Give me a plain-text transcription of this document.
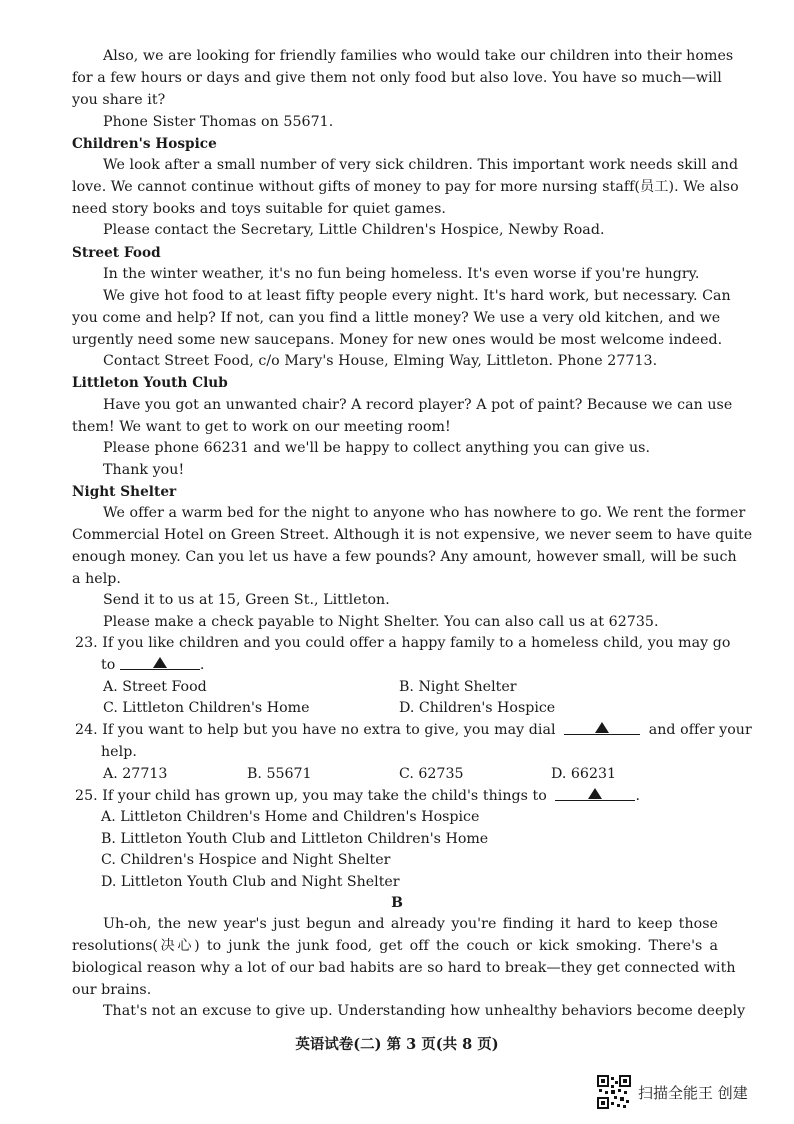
Also, we are looking for friendly families who would take our children into their homes
for a few hours or days and give them not only food but also love. You have so much—will
you share it?
Phone Sister Thomas on 55671.
Children's Hospice
We look after a small number of very sick children. This important work needs skill and
love. We cannot continue without gifts of money to pay for more nursing staff(员工). We also
need story books and toys suitable for quiet games.
Please contact the Secretary, Little Children's Hospice, Newby Road.
Street Food
In the winter weather, it's no fun being homeless. It's even worse if you're hungry.
We give hot food to at least fifty people every night. It's hard work, but necessary. Can
you come and help? If not, can you find a little money? We use a very old kitchen, and we
urgently need some new saucepans. Money for new ones would be most welcome indeed.
Contact Street Food, c/o Mary's House, Elming Way, Littleton. Phone 27713.
Littleton Youth Club
Have you got an unwanted chair? A record player? A pot of paint? Because we can use
them! We want to get to work on our meeting room!
Please phone 66231 and we'll be happy to collect anything you can give us.
Thank you!
Night Shelter
We offer a warm bed for the night to anyone who has nowhere to go. We rent the former
Commercial Hotel on Green Street. Although it is not expensive, we never seem to have quite
enough money. Can you let us have a few pounds? Any amount, however small, will be such
a help.
Send it to us at 15, Green St., Littleton.
Please make a check payable to Night Shelter. You can also call us at 62735.
23. If you like children and you could offer a happy family to a homeless child, you may go
to	.
A. Street Food	B. Night Shelter
C. Littleton Children's Home	D. Children's Hospice
24. If you want to help but you have no extra to give, you may dial	and offer your
help.
A. 27713	B. 55671	C. 62735	D. 66231
25. If your child has grown up, you may take the child's things to	.
A. Littleton Children's Home and Children's Hospice
B. Littleton Youth Club and Littleton Children's Home
C. Children's Hospice and Night Shelter
D. Littleton Youth Club and Night Shelter
B
Uh-oh, the new year's just begun and already you're finding it hard to keep those
resolutions(决心) to junk the junk food, get off the couch or kick smoking. There's a
biological reason why a lot of our bad habits are so hard to break—they get connected with
our brains.
That's not an excuse to give up. Understanding how unhealthy behaviors become deeply
英语试卷(二) 第 3 页(共 8 页)
扫描全能王 创建
